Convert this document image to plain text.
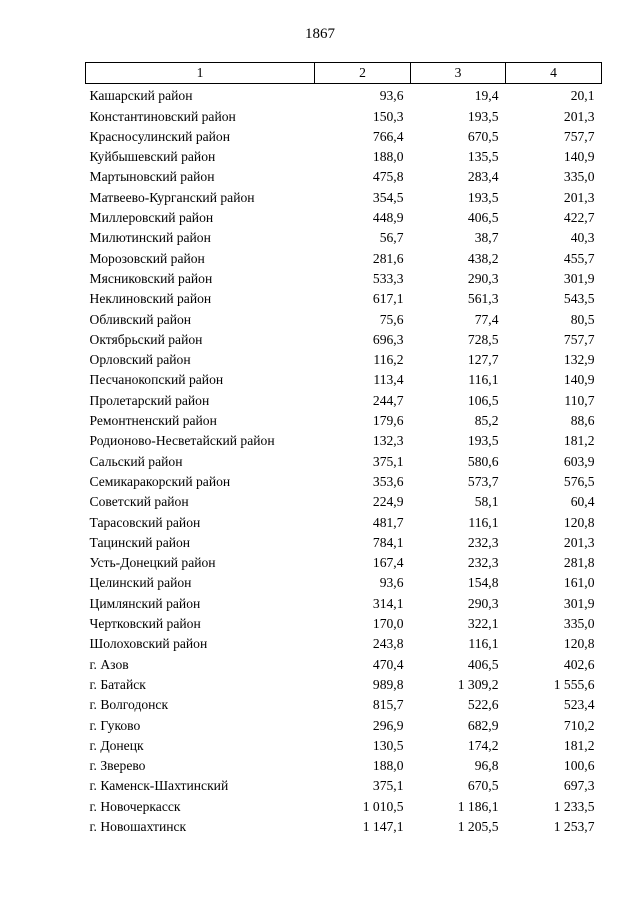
1867
1	2	3	4
Кашарский район	93,6	19,4	20,1
Константиновский район	150,3	193,5	201,3
Красносулинский район	766,4	670,5	757,7
Куйбышевский район	188,0	135,5	140,9
Мартыновский район	475,8	283,4	335,0
Матвеево-Курганский район	354,5	193,5	201,3
Миллеровский район	448,9	406,5	422,7
Милютинский район	56,7	38,7	40,3
Морозовский район	281,6	438,2	455,7
Мясниковский район	533,3	290,3	301,9
Неклиновский район	617,1	561,3	543,5
Обливский район	75,6	77,4	80,5
Октябрьский район	696,3	728,5	757,7
Орловский район	116,2	127,7	132,9
Песчанокопский район	113,4	116,1	140,9
Пролетарский район	244,7	106,5	110,7
Ремонтненский район	179,6	85,2	88,6
Родионово-Несветайский район	132,3	193,5	181,2
Сальский район	375,1	580,6	603,9
Семикаракорский район	353,6	573,7	576,5
Советский район	224,9	58,1	60,4
Тарасовский район	481,7	116,1	120,8
Тацинский район	784,1	232,3	201,3
Усть-Донецкий район	167,4	232,3	281,8
Целинский район	93,6	154,8	161,0
Цимлянский район	314,1	290,3	301,9
Чертковский район	170,0	322,1	335,0
Шолоховский район	243,8	116,1	120,8
г. Азов	470,4	406,5	402,6
г. Батайск	989,8	1 309,2	1 555,6
г. Волгодонск	815,7	522,6	523,4
г. Гуково	296,9	682,9	710,2
г. Донецк	130,5	174,2	181,2
г. Зверево	188,0	96,8	100,6
г. Каменск-Шахтинский	375,1	670,5	697,3
г. Новочеркасск	1 010,5	1 186,1	1 233,5
г. Новошахтинск	1 147,1	1 205,5	1 253,7
